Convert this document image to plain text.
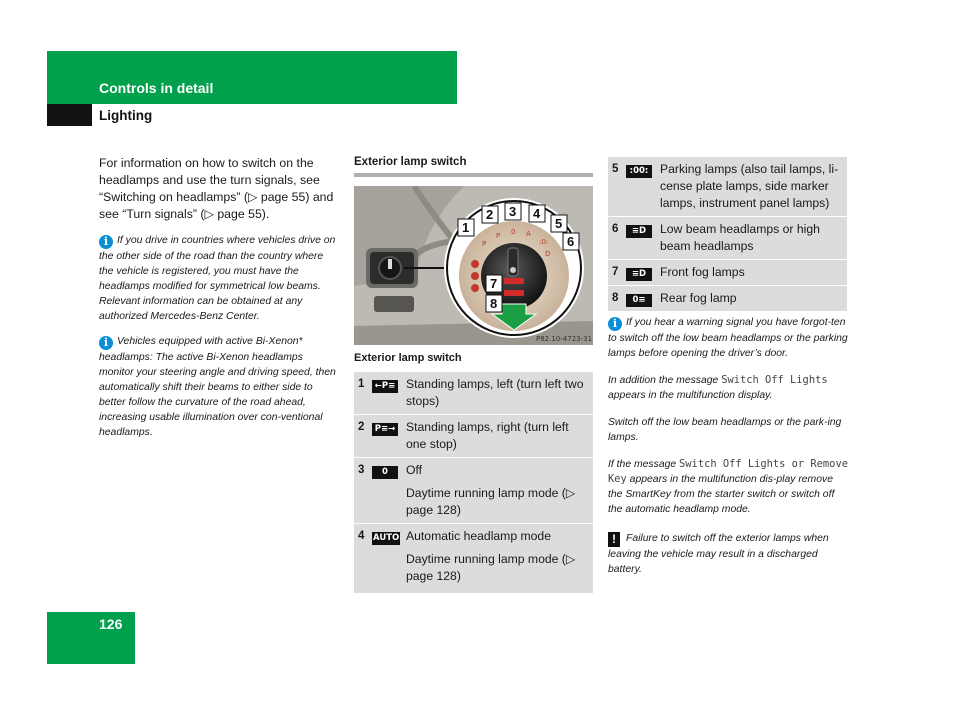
Controls in detail
Lighting

For information on how to switch on the headlamps and use the turn signals, see “Switching on headlamps” (▷ page 55) and see “Turn signals” (▷ page 55).

i If you drive in countries where vehicles drive on the other side of the road than the country where the vehicle is registered, you must have the headlamps modified for symmetrical low beams. Relevant information can be obtained at any authorized Mercedes-Benz Center.

i Vehicles equipped with active Bi-Xenon* headlamps: The active Bi-Xenon headlamps monitor your steering angle and driving speed, then automatically shift their beams to either side to better follow the curvature of the road ahead, increasing usable illumination over con-ventional headlamps.

Exterior lamp switch
P
P 0 A
:0:
D
1
2 3 4
5
6
7
8
P82.10-4723-31
Exterior lamp switch
1	←P≡	Standing lamps, left (turn left two stops)

2	P≡→	Standing lamps, right (turn left one stop)

3	0	Off
Daytime running lamp mode (▷ page 128)

4	AUTO	Automatic headlamp mode
Daytime running lamp mode (▷ page 128)
5	:00:	Parking lamps (also tail lamps, li-cense plate lamps, side marker lamps, instrument panel lamps)

6	≡D	Low beam headlamps or high beam headlamps

7	≡D	Front fog lamps

8	0≡	Rear fog lamp

i If you hear a warning signal you have forgot-ten to switch off the low beam headlamps or the parking lamps before opening the driver’s door.

In addition the message Switch Off Lights appears in the multifunction display.

Switch off the low beam headlamps or the park-ing lamps.

If the message Switch Off Lights or Remove Key appears in the multifunction dis-play remove the SmartKey from the starter switch or switch off the automatic headlamp mode.

! Failure to switch off the exterior lamps when leaving the vehicle may result in a discharged battery.

126
